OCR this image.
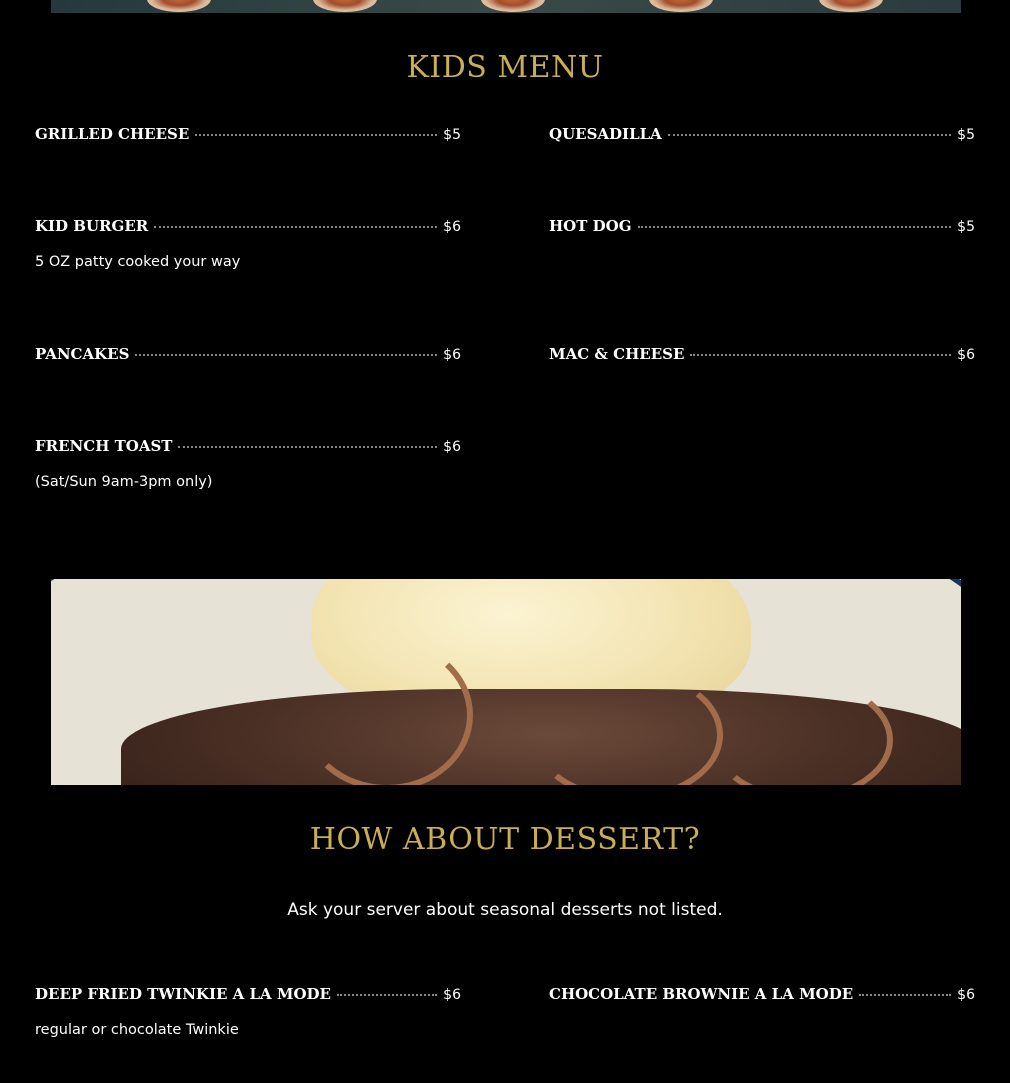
KIDS MENU
GRILLED CHEESE	$5	QUESADILLA	$5
KID BURGER	$6
5 OZ patty cooked your way
HOT DOG	$5
PANCAKES	$6	MAC & CHEESE	$6
FRENCH TOAST	$6
(Sat/Sun 9am-3pm only)
HOW ABOUT DESSERT?
Ask your server about seasonal desserts not listed.
DEEP FRIED TWINKIE A LA MODE	$6
regular or chocolate Twinkie
CHOCOLATE BROWNIE A LA MODE	$6
